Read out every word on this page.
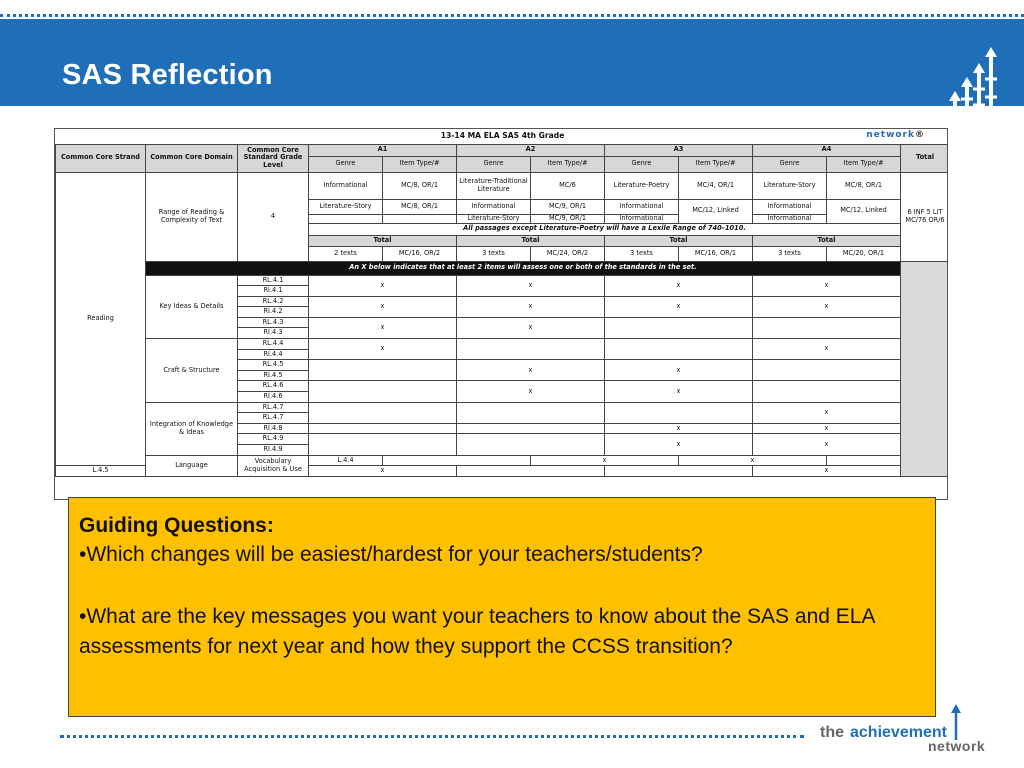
SAS Reflection
network®
13-14 MA ELA SAS 4th Grade											
Common Core Strand	Common Core Domain	Common Core Standard Grade Level	A1		A2		A3		A4		Total
			Genre	Item Type/#	Genre	Item Type/#	Genre	Item Type/#	Genre	Item Type/#	
Reading	Range of Reading & Complexity of Text	4	Informational	MC/8, OR/1	Literature-Traditional Literature	MC/6	Literature-Poetry	MC/4, OR/1	Literature-Story	MC/8, OR/1	6 INF 5 LIT MC/76 OR/6
			Literature-Story	MC/8, OR/1	Informational	MC/9, OR/1	Informational	MC/12, Linked	Informational	MC/12, Linked	
					Literature-Story	MC/9, OR/1	Informational		Informational		
			All passages except Literature-Poetry will have a Lexile Range of 740–1010.								
			Total		Total		Total		Total		
			2 texts	MC/16, OR/2	3 texts	MC/24, OR/2	3 texts	MC/16, OR/1	3 texts	MC/20, OR/1	
	An X below indicates that at least 2 items will assess one or both of the standards in the set.										
	Key Ideas & Details	RL.4.1	x		x		x		x		
		RI.4.1									
		RL.4.2	x		x		x		x		
		RI.4.2									
		RL.4.3	x		x						
		RI.4.3									
	Craft & Structure	RL.4.4	x						x		
		RI.4.4									
		RL.4.5			x		x				
		RI.4.5									
		RL.4.6			x		x				
		RI.4.6									
	Integration of Knowledge & Ideas	RL.4.7							x		
		RL.4.7									
		RI.4.8					x		x		
		RL.4.9					x		x		
		RI.4.9									
	Language	Vocabulary Acquisition & Use	L.4.4			x		x			
L.4.5			x						x		
Guiding Questions:
•Which changes will be easiest/hardest for your teachers/students?
•What are the key messages you want your teachers to know about the SAS and ELA assessments for next year and how they support the CCSS transition?
the achievement
network
